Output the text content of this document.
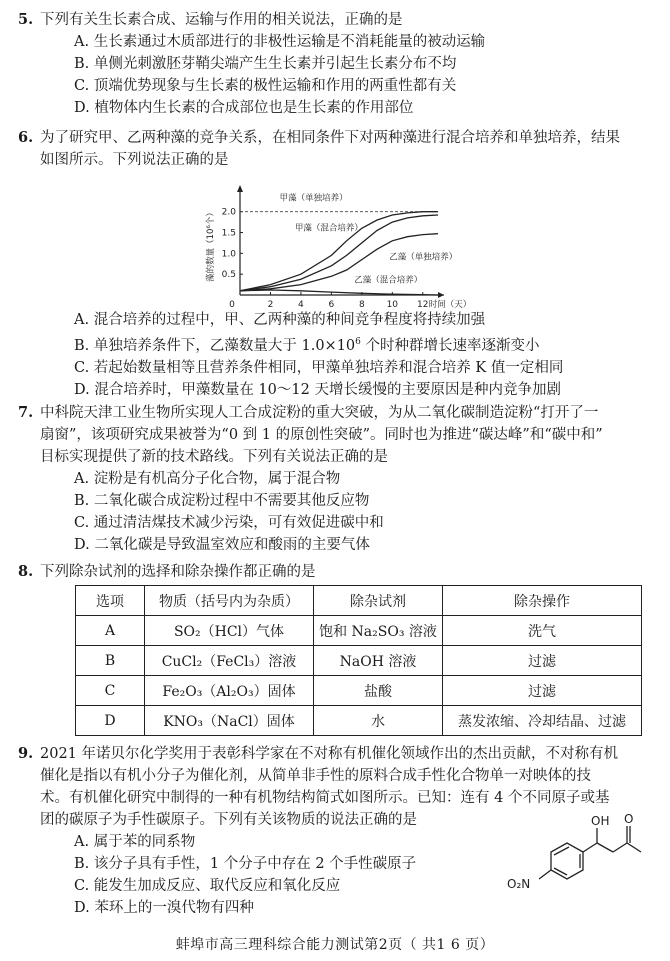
5. 下列有关生长素合成、运输与作用的相关说法，正确的是
A. 生长素通过木质部进行的非极性运输是不消耗能量的被动运输
B. 单侧光刺激胚芽鞘尖端产生生长素并引起生长素分布不均
C. 顶端优势现象与生长素的极性运输和作用的两重性都有关
D. 植物体内生长素的合成部位也是生长素的作用部位
6. 为了研究甲、乙两种藻的竞争关系，在相同条件下对两种藻进行混合培养和单独培养，结果
如图所示。下列说法正确的是
0	2	4	6	8 10 12
0.5
1.0
1.5
2.0
时间（天）
藻的数量（10⁶个）
甲藻（单独培养）
甲藻（混合培养）
乙藻（单独培养）
乙藻（混合培养）
A. 混合培养的过程中，甲、乙两种藻的种间竞争程度将持续加强
B. 单独培养条件下，乙藻数量大于 $1.0\times 10^6$ 个时种群增长速率逐渐变小
C. 若起始数量相等且营养条件相同，甲藻单独培养和混合培养 K 值一定相同
D. 混合培养时，甲藻数量在 10～12 天增长缓慢的主要原因是种内竞争加剧
7. 中科院天津工业生物所实现人工合成淀粉的重大突破，为从二氧化碳制造淀粉“打开了一
扇窗”，该项研究成果被誉为“0 到 1 的原创性突破”。同时也为推进“碳达峰”和“碳中和”
目标实现提供了新的技术路线。下列有关说法正确的是
A. 淀粉是有机高分子化合物，属于混合物
B. 二氧化碳合成淀粉过程中不需要其他反应物
C. 通过清洁煤技术减少污染，可有效促进碳中和
D. 二氧化碳是导致温室效应和酸雨的主要气体
8. 下列除杂试剂的选择和除杂操作都正确的是
选项	物质（括号内为杂质）	除杂试剂	除杂操作
A	SO₂（HCl）气体	饱和 Na₂SO₃ 溶液	洗气
B	CuCl₂（FeCl₃）溶液	NaOH 溶液	过滤
C	Fe₂O₃（Al₂O₃）固体	盐酸	过滤
D	KNO₃（NaCl）固体	水	蒸发浓缩、冷却结晶、过滤
9. 2021 年诺贝尔化学奖用于表彰科学家在不对称有机催化领域作出的杰出贡献，不对称有机
催化是指以有机小分子为催化剂，从简单非手性的原料合成手性化合物单一对映体的技
术。有机催化研究中制得的一种有机物结构简式如图所示。已知：连有 4 个不同原子或基
团的碳原子为手性碳原子。下列有关该物质的说法正确的是
A. 属于苯的同系物
B. 该分子具有手性，1 个分子中存在 2 个手性碳原子
C. 能发生加成反应、取代反应和氧化反应
D. 苯环上的一溴代物有四种
OH O
O₂N
蚌埠市高三理科综合能力测试第2页（ 共1 6 页）
